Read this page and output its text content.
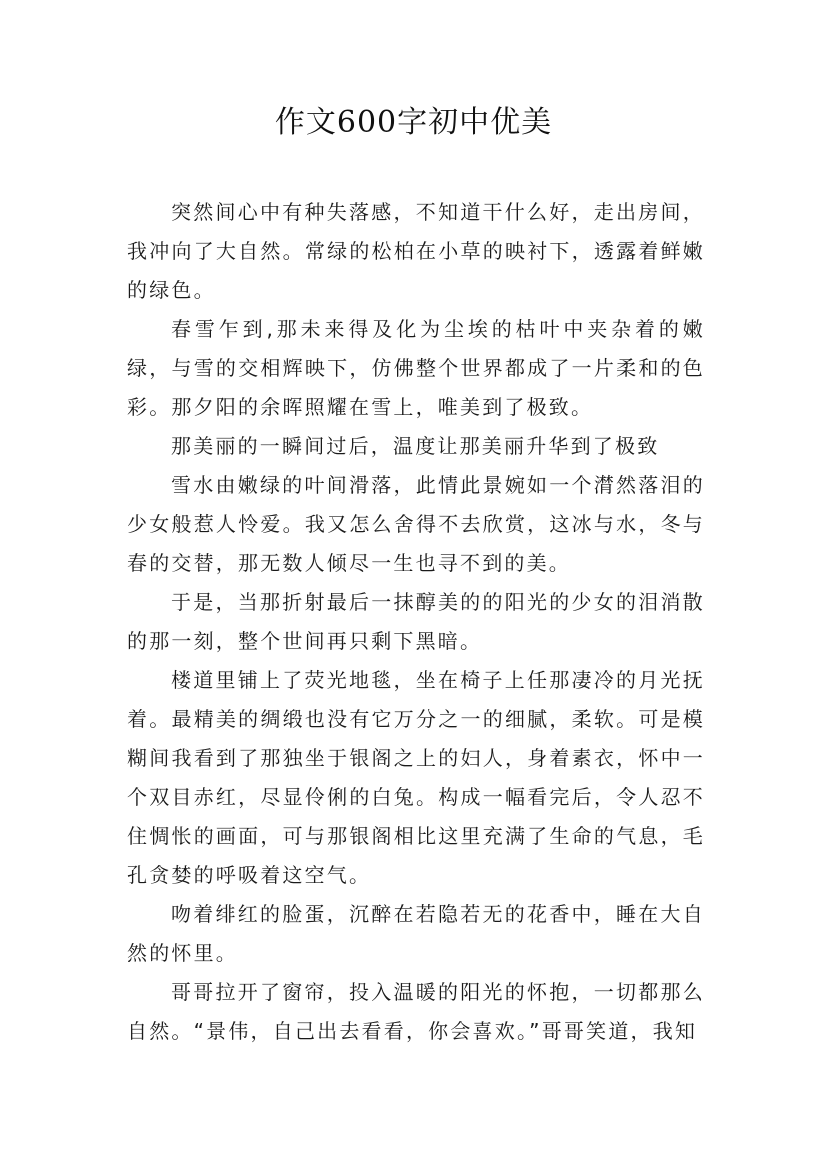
作文600字初中优美

突然间心中有种失落感，不知道干什么好，走出房间，我冲向了大自然。常绿的松柏在小草的映衬下，透露着鲜嫩的绿色。

春雪乍到,那未来得及化为尘埃的枯叶中夹杂着的嫩绿，与雪的交相辉映下，仿佛整个世界都成了一片柔和的色彩。那夕阳的余晖照耀在雪上，唯美到了极致。

那美丽的一瞬间过后，温度让那美丽升华到了极致

雪水由嫩绿的叶间滑落，此情此景婉如一个潸然落泪的少女般惹人怜爱。我又怎么舍得不去欣赏，这冰与水，冬与春的交替，那无数人倾尽一生也寻不到的美。

于是，当那折射最后一抹醇美的的阳光的少女的泪消散的那一刻，整个世间再只剩下黑暗。

楼道里铺上了荧光地毯，坐在椅子上任那凄冷的月光抚着。最精美的绸缎也没有它万分之一的细腻，柔软。可是模糊间我看到了那独坐于银阁之上的妇人，身着素衣，怀中一个双目赤红，尽显伶俐的白兔。构成一幅看完后，令人忍不住惆怅的画面，可与那银阁相比这里充满了生命的气息，毛孔贪婪的呼吸着这空气。

吻着绯红的脸蛋，沉醉在若隐若无的花香中，睡在大自然的怀里。

哥哥拉开了窗帘，投入温暖的阳光的怀抱，一切都那么自然。“景伟，自己出去看看，你会喜欢。”哥哥笑道，我知
